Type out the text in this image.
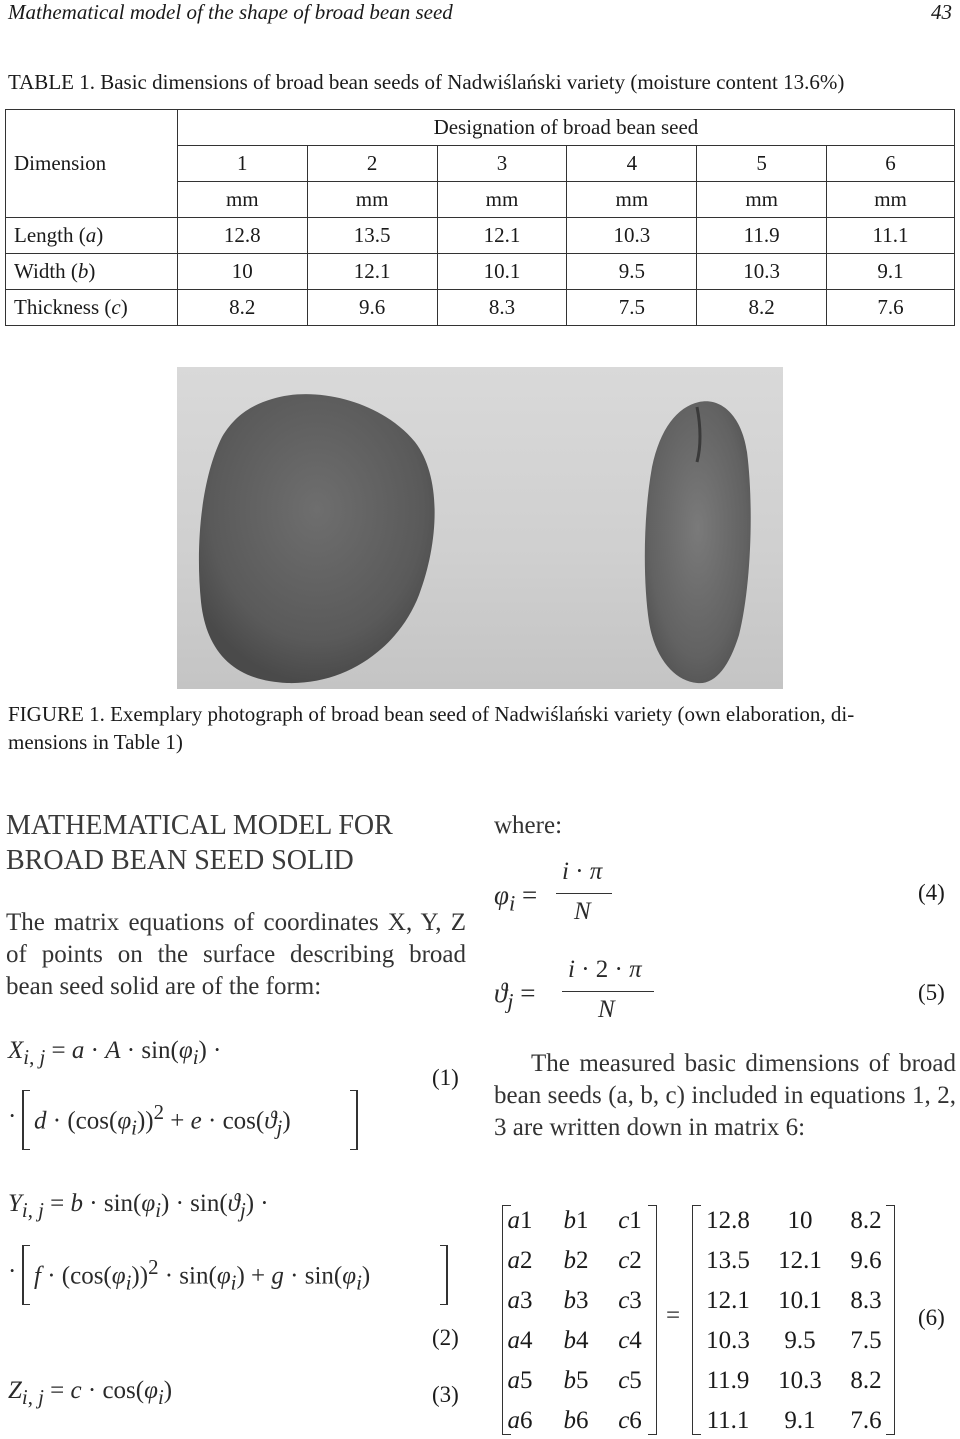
Mathematical model of the shape of broad bean seed	43
TABLE 1. Basic dimensions of broad bean seeds of Nadwiślański variety (moisture content 13.6%)
	Designation of broad bean seed					
Dimension	1	2	3	4	5	6
	mm	mm	mm	mm	mm	mm
Length (a)	12.8	13.5	12.1	10.3	11.9	11.1
Width (b)	10	12.1	10.1	9.5	10.3	9.1
Thickness (c)	8.2	9.6	8.3	7.5	8.2	7.6
FIGURE 1. Exemplary photograph of broad bean seed of Nadwiślański variety (own elaboration, di-
mensions in Table 1)
MATHEMATICAL MODEL FOR
BROAD BEAN SEED SOLID
The matrix equations of coordinates X, Y, Z of points on the surface describing broad bean seed solid are of the form:
$X_{i, j} = a \cdot A \cdot \sin(\varphi_i)$ ·
(1)
· $d \cdot (\cos(\varphi_i))^2 + e \cdot \cos(ϑ_j)$
$Y_{i, j} = b \cdot \sin(\varphi_i) \cdot \sin(ϑ_j)$ ·
· $f \cdot (\cos(\varphi_i))^2 \cdot \sin(\varphi_i) + g \cdot \sin(\varphi_i)$
(2)
$Z_{i, j} = c \cdot \cos(\varphi_i)$	(3)
where:
$\varphi_i$ =
i · π
N
(4)
$ϑ_j$ =
i · 2 · π
N
(5)
The measured basic dimensions of broad bean seeds (a, b, c) included in equations 1, 2, 3 are written down in matrix 6:
=	(6)
a1	b1	c1
a2	b2	c2
a3	b3	c3
a4	b4	c4
a5	b5	c5
a6	b6	c6
12.8	10	8.2
13.5	12.1	9.6
12.1	10.1	8.3
10.3	9.5	7.5
11.9	10.3	8.2
11.1	9.1	7.6
